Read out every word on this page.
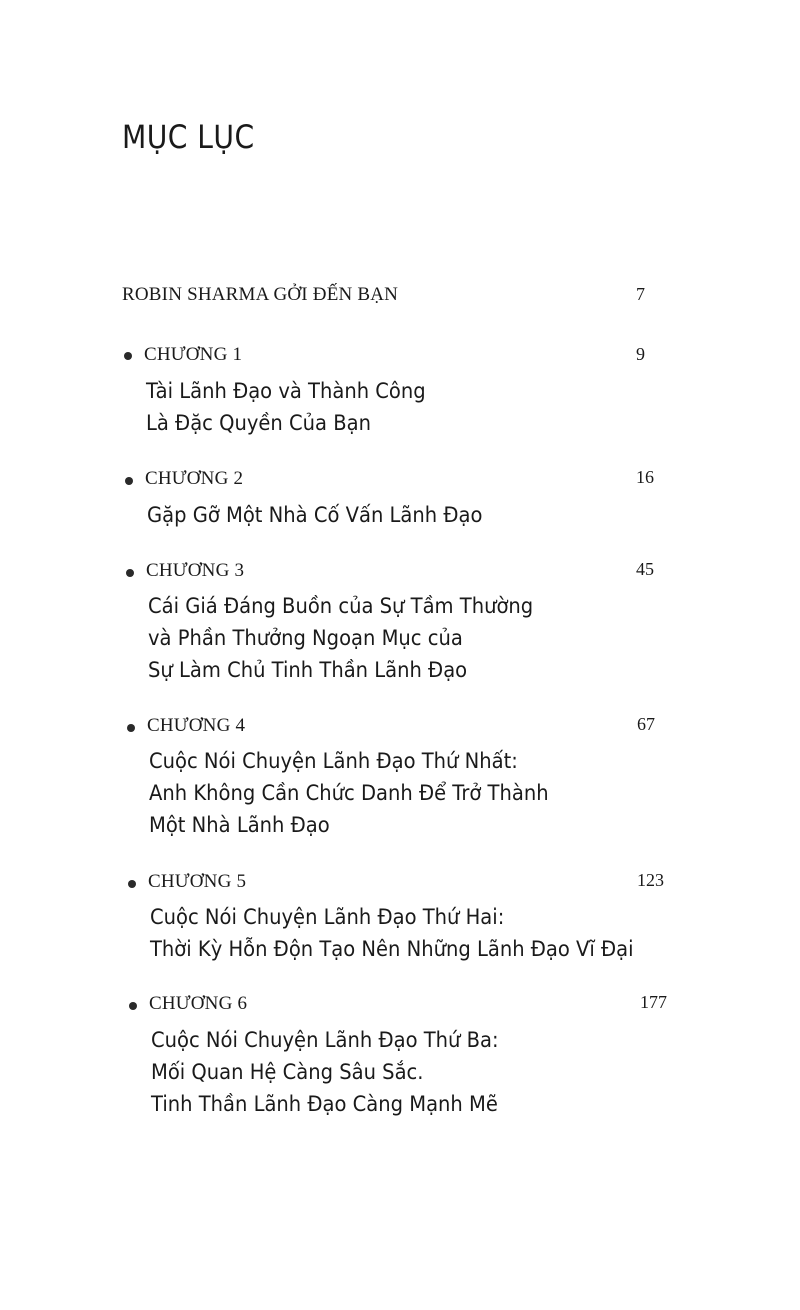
MỤC LỤC
ROBIN SHARMA GỞI ĐẾN BẠN	7
CHƯƠNG 1	9
Tài Lãnh Đạo và Thành Công
Là Đặc Quyền Của Bạn
CHƯƠNG 2	16
Gặp Gỡ Một Nhà Cố Vấn Lãnh Đạo
CHƯƠNG 3	45
Cái Giá Đáng Buồn của Sự Tầm Thường
và Phần Thưởng Ngoạn Mục của
Sự Làm Chủ Tinh Thần Lãnh Đạo
CHƯƠNG 4	67
Cuộc Nói Chuyện Lãnh Đạo Thứ Nhất:
Anh Không Cần Chức Danh Để Trở Thành
Một Nhà Lãnh Đạo
CHƯƠNG 5	123
Cuộc Nói Chuyện Lãnh Đạo Thứ Hai:
Thời Kỳ Hỗn Độn Tạo Nên Những Lãnh Đạo Vĩ Đại
CHƯƠNG 6	177
Cuộc Nói Chuyện Lãnh Đạo Thứ Ba:
Mối Quan Hệ Càng Sâu Sắc.
Tinh Thần Lãnh Đạo Càng Mạnh Mẽ
